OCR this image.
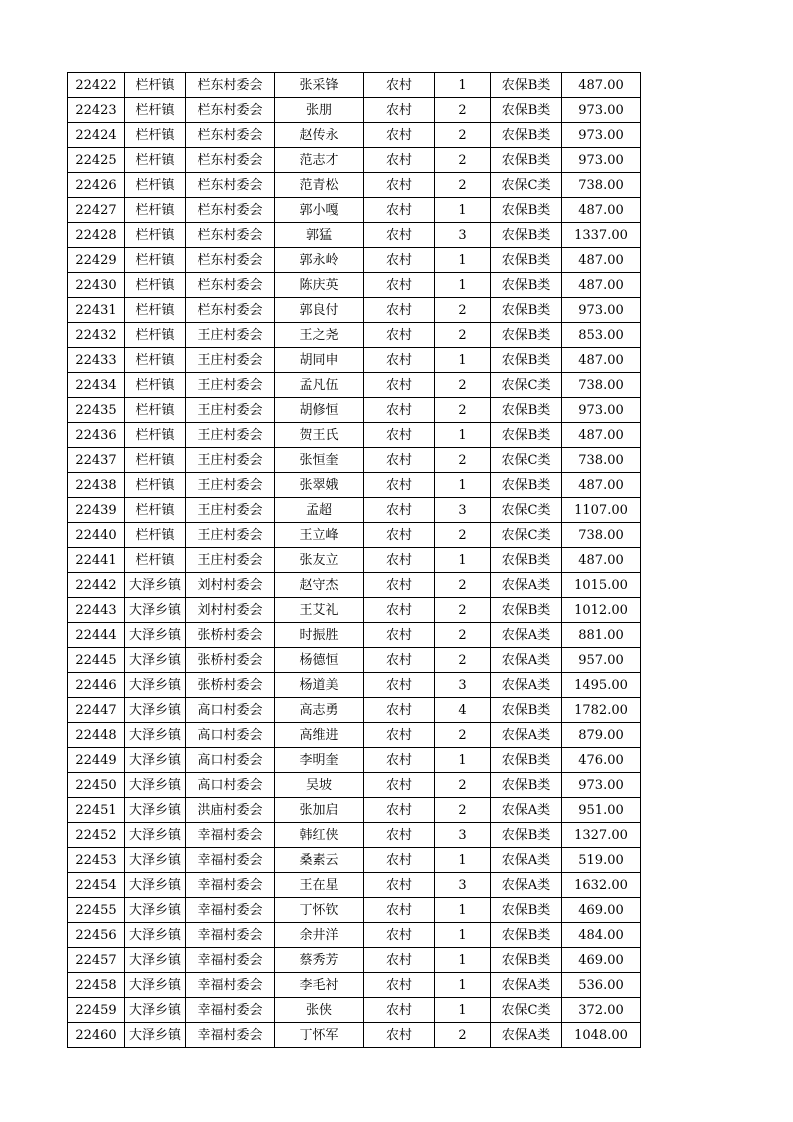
22422	栏杆镇	栏东村委会	张采锋	农村	1	农保B类	487.00
22423	栏杆镇	栏东村委会	张朋	农村	2	农保B类	973.00
22424	栏杆镇	栏东村委会	赵传永	农村	2	农保B类	973.00
22425	栏杆镇	栏东村委会	范志才	农村	2	农保B类	973.00
22426	栏杆镇	栏东村委会	范青松	农村	2	农保C类	738.00
22427	栏杆镇	栏东村委会	郭小嘎	农村	1	农保B类	487.00
22428	栏杆镇	栏东村委会	郭猛	农村	3	农保B类	1337.00
22429	栏杆镇	栏东村委会	郭永岭	农村	1	农保B类	487.00
22430	栏杆镇	栏东村委会	陈庆英	农村	1	农保B类	487.00
22431	栏杆镇	栏东村委会	郭良付	农村	2	农保B类	973.00
22432	栏杆镇	王庄村委会	王之尧	农村	2	农保B类	853.00
22433	栏杆镇	王庄村委会	胡同申	农村	1	农保B类	487.00
22434	栏杆镇	王庄村委会	孟凡伍	农村	2	农保C类	738.00
22435	栏杆镇	王庄村委会	胡修恒	农村	2	农保B类	973.00
22436	栏杆镇	王庄村委会	贺王氏	农村	1	农保B类	487.00
22437	栏杆镇	王庄村委会	张恒奎	农村	2	农保C类	738.00
22438	栏杆镇	王庄村委会	张翠娥	农村	1	农保B类	487.00
22439	栏杆镇	王庄村委会	孟超	农村	3	农保C类	1107.00
22440	栏杆镇	王庄村委会	王立峰	农村	2	农保C类	738.00
22441	栏杆镇	王庄村委会	张友立	农村	1	农保B类	487.00
22442	大泽乡镇	刘村村委会	赵守杰	农村	2	农保A类	1015.00
22443	大泽乡镇	刘村村委会	王艾礼	农村	2	农保B类	1012.00
22444	大泽乡镇	张桥村委会	时振胜	农村	2	农保A类	881.00
22445	大泽乡镇	张桥村委会	杨德恒	农村	2	农保A类	957.00
22446	大泽乡镇	张桥村委会	杨道美	农村	3	农保A类	1495.00
22447	大泽乡镇	高口村委会	高志勇	农村	4	农保B类	1782.00
22448	大泽乡镇	高口村委会	高维进	农村	2	农保A类	879.00
22449	大泽乡镇	高口村委会	李明奎	农村	1	农保B类	476.00
22450	大泽乡镇	高口村委会	吴坡	农村	2	农保B类	973.00
22451	大泽乡镇	洪庙村委会	张加启	农村	2	农保A类	951.00
22452	大泽乡镇	幸福村委会	韩红侠	农村	3	农保B类	1327.00
22453	大泽乡镇	幸福村委会	桑素云	农村	1	农保A类	519.00
22454	大泽乡镇	幸福村委会	王在星	农村	3	农保A类	1632.00
22455	大泽乡镇	幸福村委会	丁怀钦	农村	1	农保B类	469.00
22456	大泽乡镇	幸福村委会	余井洋	农村	1	农保B类	484.00
22457	大泽乡镇	幸福村委会	蔡秀芳	农村	1	农保B类	469.00
22458	大泽乡镇	幸福村委会	李毛衬	农村	1	农保A类	536.00
22459	大泽乡镇	幸福村委会	张侠	农村	1	农保C类	372.00
22460	大泽乡镇	幸福村委会	丁怀军	农村	2	农保A类	1048.00
